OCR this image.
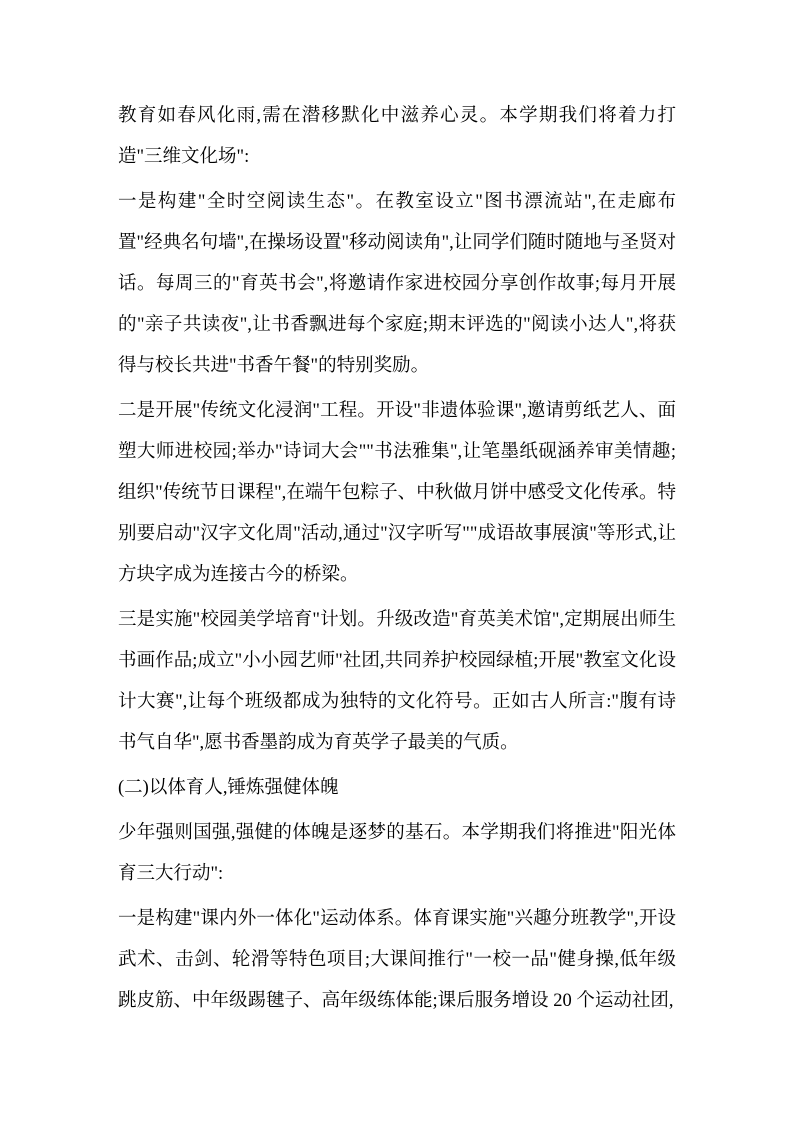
教育如春风化雨,需在潜移默化中滋养心灵。本学期我们将着力打造"三维文化场":

一是构建"全时空阅读生态"。在教室设立"图书漂流站",在走廊布置"经典名句墙",在操场设置"移动阅读角",让同学们随时随地与圣贤对话。每周三的"育英书会",将邀请作家进校园分享创作故事;每月开展的"亲子共读夜",让书香飘进每个家庭;期末评选的"阅读小达人",将获得与校长共进"书香午餐"的特别奖励。

二是开展"传统文化浸润"工程。开设"非遗体验课",邀请剪纸艺人、面塑大师进校园;举办"诗词大会""书法雅集",让笔墨纸砚涵养审美情趣;组织"传统节日课程",在端午包粽子、中秋做月饼中感受文化传承。特别要启动"汉字文化周"活动,通过"汉字听写""成语故事展演"等形式,让方块字成为连接古今的桥梁。

三是实施"校园美学培育"计划。升级改造"育英美术馆",定期展出师生书画作品;成立"小小园艺师"社团,共同养护校园绿植;开展"教室文化设计大赛",让每个班级都成为独特的文化符号。正如古人所言:"腹有诗书气自华",愿书香墨韵成为育英学子最美的气质。

(二)以体育人,锤炼强健体魄

少年强则国强,强健的体魄是逐梦的基石。本学期我们将推进"阳光体育三大行动":

一是构建"课内外一体化"运动体系。体育课实施"兴趣分班教学",开设武术、击剑、轮滑等特色项目;大课间推行"一校一品"健身操,低年级跳皮筋、中年级踢毽子、高年级练体能;课后服务增设 20 个运动社团,
